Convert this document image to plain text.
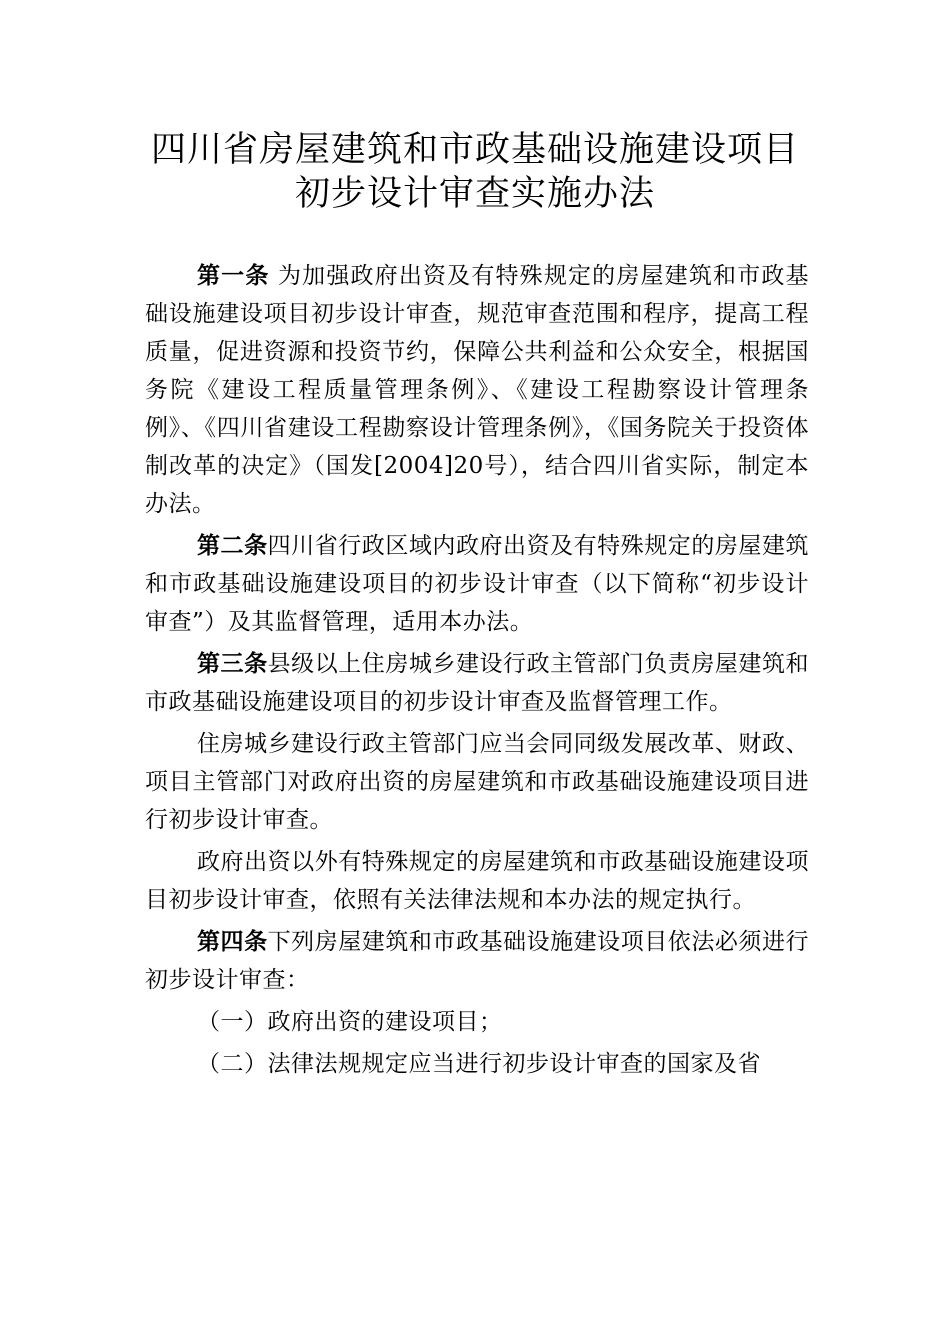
四川省房屋建筑和市政基础设施建设项目
初步设计审查实施办法

第一条 为加强政府出资及有特殊规定的房屋建筑和市政基础设施建设项目初步设计审查，规范审查范围和程序，提高工程质量，促进资源和投资节约，保障公共利益和公众安全，根据国务院《建设工程质量管理条例》、《建设工程勘察设计管理条例》、《四川省建设工程勘察设计管理条例》，《国务院关于投资体制改革的决定》（国发[2004]20号），结合四川省实际，制定本办法。

第二条四川省行政区域内政府出资及有特殊规定的房屋建筑和市政基础设施建设项目的初步设计审查（以下简称“初步设计审查”）及其监督管理，适用本办法。

第三条县级以上住房城乡建设行政主管部门负责房屋建筑和市政基础设施建设项目的初步设计审查及监督管理工作。

住房城乡建设行政主管部门应当会同同级发展改革、财政、项目主管部门对政府出资的房屋建筑和市政基础设施建设项目进行初步设计审查。

政府出资以外有特殊规定的房屋建筑和市政基础设施建设项目初步设计审查，依照有关法律法规和本办法的规定执行。

第四条下列房屋建筑和市政基础设施建设项目依法必须进行初步设计审查：

（一）政府出资的建设项目；

（二）法律法规规定应当进行初步设计审查的国家及省
